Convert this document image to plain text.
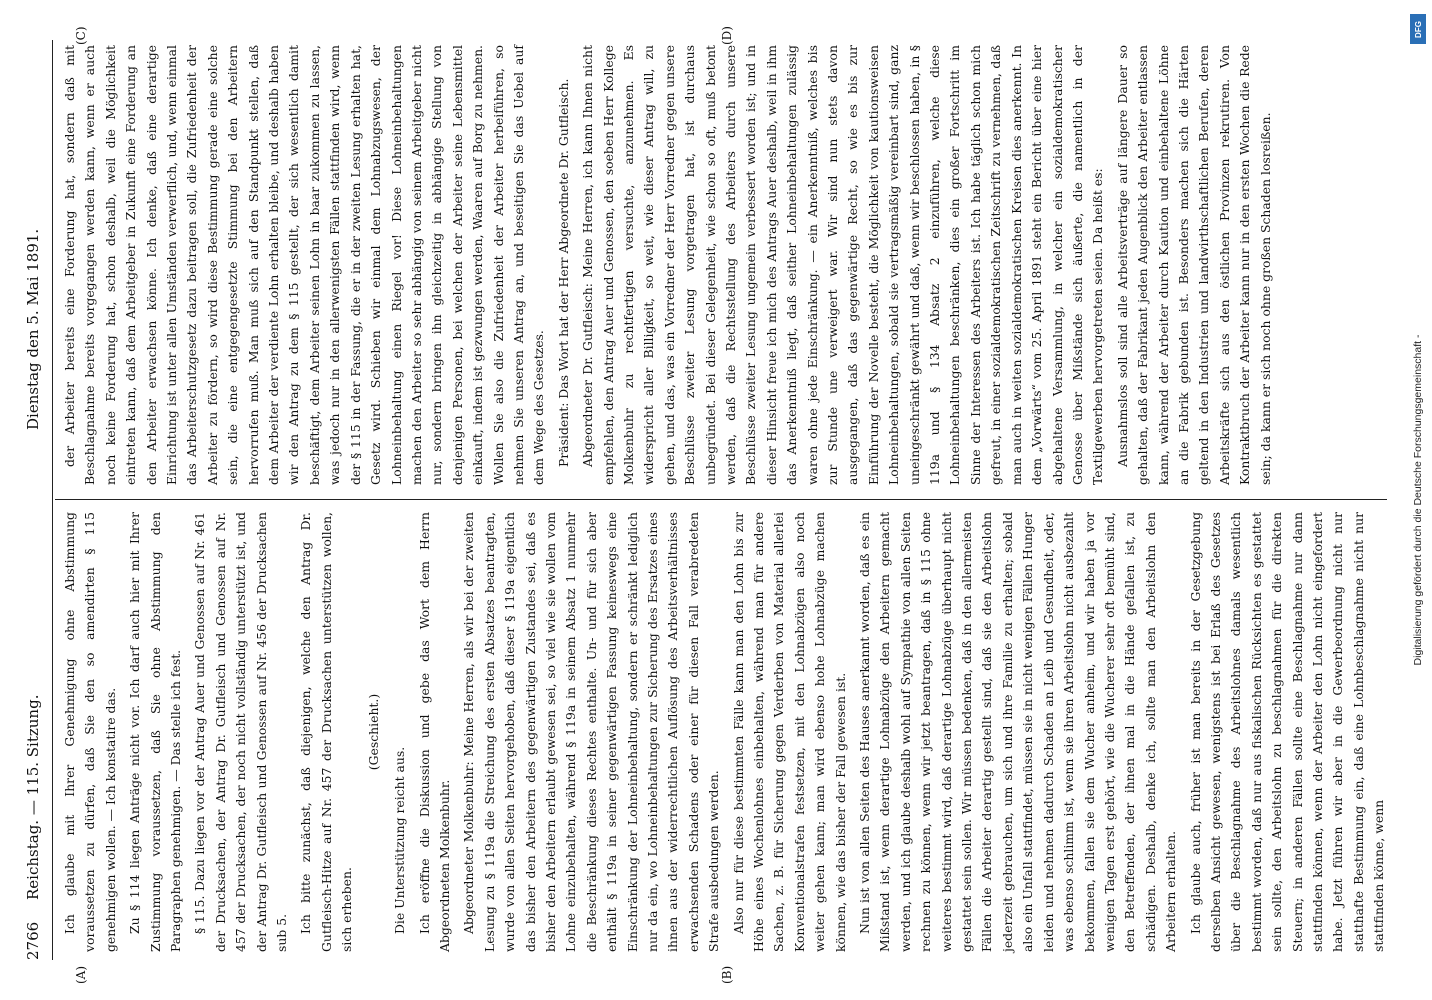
2766
Reichstag. — 115. Sitzung.
Dienstag den 5. Mai 1891.
(A)	(B)
(C)	(D)

Ich glaube mit Ihrer Genehmigung ohne Abstimmung voraussetzen zu dürfen, daß Sie den so amendirten § 115 genehmigen wollen. — Ich konstatire das. Zu § 114 liegen Anträge nicht vor. Ich darf auch hier mit Ihrer Zustimmung voraussetzen, daß Sie ohne Abstimmung den Paragraphen genehmigen. — Das stelle ich fest. § 115. Dazu liegen vor der Antrag Auer und Genossen auf Nr. 461 der Drucksachen, der Antrag Dr. Gutfleisch und Genossen auf Nr. 457 der Drucksachen, der noch nicht vollständig unterstützt ist, und der Antrag Dr. Gutfleisch und Genossen auf Nr. 456 der Drucksachen sub 5. Ich bitte zunächst, daß diejenigen, welche den Antrag Dr. Gutfleisch-Hitze auf Nr. 457 der Drucksachen unterstützen wollen, sich erheben.

(Geschieht.)

Die Unterstützung reicht aus. Ich eröffne die Diskussion und gebe das Wort dem Herrn Abgeordneten Molkenbuhr. Abgeordneter Molkenbuhr: Meine Herren, als wir bei der zweiten Lesung zu § 119a die Streichung des ersten Absatzes beantragten, wurde von allen Seiten hervorgehoben, daß dieser § 119a eigentlich das bisher den Arbeitern des gegenwärtigen Zustandes sei, daß es bisher den Arbeitern erlaubt gewesen sei, so viel wie sie wollen vom Lohne einzubehalten, während § 119a in seinem Absatz 1 nunmehr die Beschränkung dieses Rechtes enthalte. Un- und für sich aber enthält § 119a in seiner gegenwärtigen Fassung keineswegs eine Einschränkung der Lohneinbehaltung, sondern er schränkt lediglich nur da ein, wo Lohneinbehaltungen zur Sicherung des Ersatzes eines ihnen aus der widerrechtlichen Auflösung des Arbeitsverhältnisses erwachsenden Schadens oder einer für diesen Fall verabredeten Strafe ausbedungen werden. Also nur für diese bestimmten Fälle kann man den Lohn bis zur Höhe eines Wochenlohnes einbehalten, während man für andere Sachen, z. B. für Sicherung gegen Verderben von Material allerlei Konventionalstrafen festsetzen, mit den Lohnabzügen also noch weiter gehen kann; man wird ebenso hohe Lohnabzüge machen können, wie das bisher der Fall gewesen ist. Nun ist von allen Seiten des Hauses anerkannt worden, daß es ein Mißstand ist, wenn derartige Lohnabzüge den Arbeitern gemacht werden, und ich glaube deshalb wohl auf Sympathie von allen Seiten rechnen zu können, wenn wir jetzt beantragen, daß in § 115 ohne weiteres bestimmt wird, daß derartige Lohnabzüge überhaupt nicht gestattet sein sollen. Wir müssen bedenken, daß in den allermeisten Fällen die Arbeiter derartig gestellt sind, daß sie den Arbeitslohn jederzeit gebrauchen, um sich und ihre Familie zu erhalten; sobald also ein Unfall stattfindet, müssen sie in nicht wenigen Fällen Hunger leiden und nehmen dadurch Schaden an Leib und Gesundheit, oder, was ebenso schlimm ist, wenn sie ihren Arbeitslohn nicht ausbezahlt bekommen, fallen sie dem Wucher anheim, und wir haben ja vor wenigen Tagen erst gehört, wie die Wucherer sehr oft bemüht sind, den Betreffenden, der ihnen mal in die Hände gefallen ist, zu schädigen. Deshalb, denke ich, sollte man den Arbeitslohn den Arbeitern erhalten. Ich glaube auch, früher ist man bereits in der Gesetzgebung derselben Ansicht gewesen, wenigstens ist bei Erlaß des Gesetzes über die Beschlagnahme des Arbeitslohnes damals wesentlich bestimmt worden, daß nur aus fiskalischen Rücksichten es gestattet sein sollte, den Arbeitslohn zu beschlagnahmen für die direkten Steuern; in anderen Fällen sollte eine Beschlagnahme nur dann stattfinden können, wenn der Arbeiter den Lohn nicht eingefordert habe. Jetzt führen wir aber in die Gewerbeordnung nicht nur statthafte Bestimmung ein, daß eine Lohnbeschlagnahme nicht nur stattfinden könne, wenn

der Arbeiter bereits eine Forderung hat, sondern daß mit Beschlagnahme bereits vorgegangen werden kann, wenn er auch noch keine Forderung hat, schon deshalb, weil die Möglichkeit eintreten kann, daß dem Arbeitgeber in Zukunft eine Forderung an den Arbeiter erwachsen könne. Ich denke, daß eine derartige Einrichtung ist unter allen Umständen verwerflich, und, wenn einmal das Arbeiterschutzgesetz dazu beitragen soll, die Zufriedenheit der Arbeiter zu fördern, so wird diese Bestimmung gerade eine solche sein, die eine entgegengesetzte Stimmung bei den Arbeitern hervorrufen muß. Man muß sich auf den Standpunkt stellen, daß dem Arbeiter der verdiente Lohn erhalten bleibe, und deshalb haben wir den Antrag zu dem § 115 gestellt, der sich wesentlich damit beschäftigt, dem Arbeiter seinen Lohn in baar zukommen zu lassen, was jedoch nur in den allerwenigsten Fällen stattfinden wird, wenn der § 115 in der Fassung, die er in der zweiten Lesung erhalten hat, Gesetz wird. Schieben wir einmal dem Lohnabzugswesen, der Lohneinbehaltung einen Riegel vor! Diese Lohneinbehaltungen machen den Arbeiter so sehr abhängig von seinem Arbeitgeber nicht nur, sondern bringen ihn gleichzeitig in abhängige Stellung von denjenigen Personen, bei welchen der Arbeiter seine Lebensmittel einkauft, indem ist gezwungen werden, Waaren auf Borg zu nehmen. Wollen Sie also die Zufriedenheit der Arbeiter herbeiführen, so nehmen Sie unseren Antrag an, und beseitigen Sie das Uebel auf dem Wege des Gesetzes. Präsident: Das Wort hat der Herr Abgeordnete Dr. Gutfleisch. Abgeordneter Dr. Gutfleisch: Meine Herren, ich kann Ihnen nicht empfehlen, den Antrag Auer und Genossen, den soeben Herr Kollege Molkenbuhr zu rechtfertigen versuchte, anzunehmen. Es widerspricht aller Billigkeit, so weit, wie dieser Antrag will, zu gehen, und das, was ein Vorredner der Herr Vorredner gegen unsere Beschlüsse zweiter Lesung vorgetragen hat, ist durchaus unbegründet. Bei dieser Gelegenheit, wie schon so oft, muß betont werden, daß die Rechtsstellung des Arbeiters durch unsere Beschlüsse zweiter Lesung ungemein verbessert worden ist; und in dieser Hinsicht freue ich mich des Antrags Auer deshalb, weil in ihm das Anerkenntniß liegt, daß seither Lohneinbehaltungen zulässig waren ohne jede Einschränkung. — ein Anerkenntniß, welches bis zur Stunde une verweigert war. Wir sind nun stets davon ausgegangen, daß das gegenwärtige Recht, so wie es bis zur Einführung der Novelle besteht, die Möglichkeit von kautionsweisen Lohneinbehaltungen, sobald sie vertragsmäßig vereinbart sind, ganz uneingeschränkt gewährt und daß, wenn wir beschlossen haben, in § 119a und § 134 Absatz 2 einzuführen, welche diese Lohneinbehaltungen beschränken, dies ein großer Fortschritt im Sinne der Interessen des Arbeiters ist. Ich habe täglich schon mich gefreut, in einer sozialdemokratischen Zeitschrift zu vernehmen, daß man auch in weiten sozialdemokratischen Kreisen dies anerkennt. In dem „Vorwärts“ vom 25. April 1891 steht ein Bericht über eine hier abgehaltene Versammlung, in welcher ein sozialdemokratischer Genosse über Mißstände sich äußerte, die namentlich in der Textilgewerben hervorgetreten seien. Da heißt es: Ausnahmslos soll sind alle Arbeitsverträge auf längere Dauer so gehalten, daß der Fabrikant jeden Augenblick den Arbeiter entlassen kann, während der Arbeiter durch Kaution und einbehaltene Löhne an die Fabrik gebunden ist. Besonders machen sich die Härten geltend in den Industrien und landwirthschaftlichen Berufen, deren Arbeitskräfte sich aus den östlichen Provinzen rekrutiren. Von Kontraktbruch der Arbeiter kann nur in den ersten Wochen die Rede sein; da kann er sich noch ohne großen Schaden losreißen.

DFG
Digitalisierung gefördert durch die Deutsche Forschungsgemeinschaft -
